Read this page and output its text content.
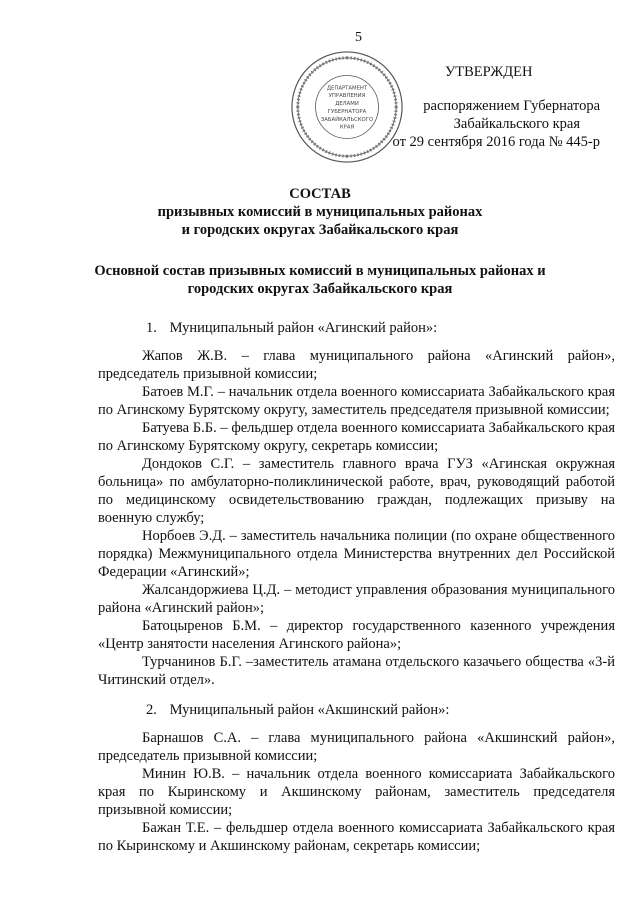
5
ДЕПАРТАМЕНТ
УПРАВЛЕНИЯ
ДЕЛАМИ
ГУБЕРНАТОРА
ЗАБАЙКАЛЬСКОГО
КРАЯ
УТВЕРЖДЕН
распоряжением Губернатора
Забайкальского края
от 29 сентября 2016 года № 445-р
СОСТАВ
призывных комиссий в муниципальных районах
и городских округах Забайкальского края
Основной состав призывных комиссий в муниципальных районах и
городских округах Забайкальского края
1. Муниципальный район «Агинский район»:

Жапов Ж.В. – глава муниципального района «Агинский район», председатель призывной комиссии;

Батоев М.Г. – начальник отдела военного комиссариата Забайкальского края по Агинскому Бурятскому округу, заместитель председателя призывной комиссии;

Батуева Б.Б. – фельдшер отдела военного комиссариата Забайкальского края по Агинскому Бурятскому округу, секретарь комиссии;

Дондоков С.Г. – заместитель главного врача ГУЗ «Агинская окружная больница» по амбулаторно-поликлинической работе, врач, руководящий работой по медицинскому освидетельствованию граждан, подлежащих призыву на военную службу;

Норбоев Э.Д. – заместитель начальника полиции (по охране общественного порядка) Межмуниципального отдела Министерства внутренних дел Российской Федерации «Агинский»;

Жалсандоржиева Ц.Д. – методист управления образования муниципального района «Агинский район»;

Батоцыренов Б.М. – директор государственного казенного учреждения «Центр занятости населения Агинского района»;

Турчанинов Б.Г. –заместитель атамана отдельского казачьего общества «3-й Читинский отдел».

2. Муниципальный район «Акшинский район»:

Барнашов С.А. – глава муниципального района «Акшинский район», председатель призывной комиссии;

Минин Ю.В. – начальник отдела военного комиссариата Забайкальского края по Кыринскому и Акшинскому районам, заместитель председателя призывной комиссии;

Бажан Т.Е. – фельдшер отдела военного комиссариата Забайкальского края по Кыринскому и Акшинскому районам, секретарь комиссии;
